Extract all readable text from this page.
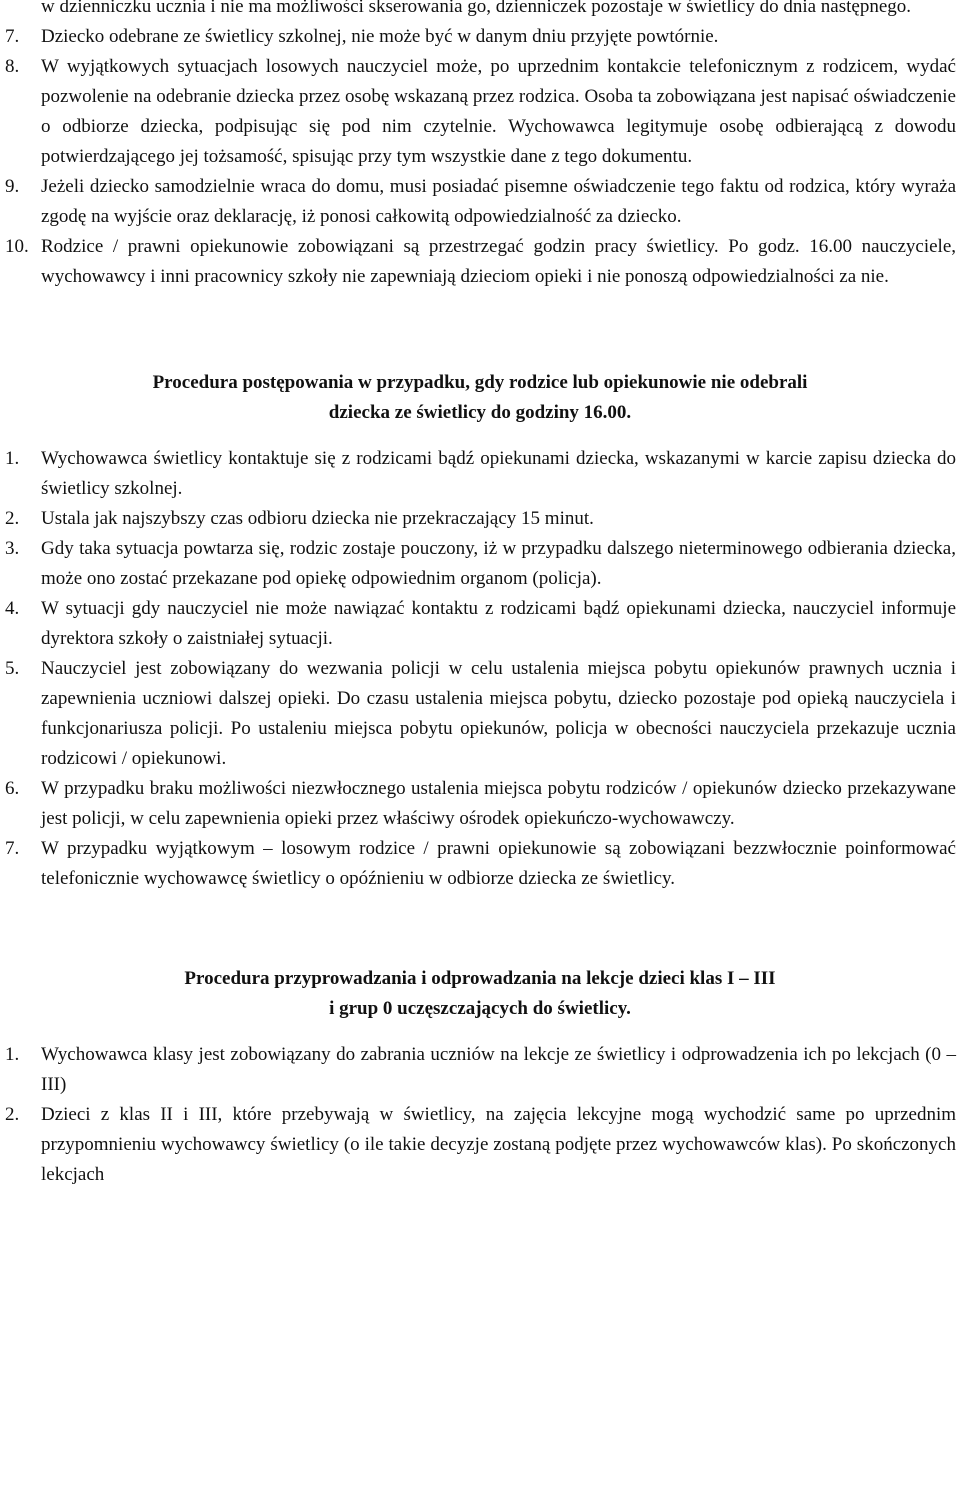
w dzienniczku ucznia i nie ma możliwości skserowania go, dzienniczek pozostaje w świetlicy do dnia następnego.
7.	Dziecko odebrane ze świetlicy szkolnej, nie może być w danym dniu przyjęte powtórnie.
8.	W wyjątkowych sytuacjach losowych nauczyciel może, po uprzednim kontakcie telefonicznym z rodzicem, wydać pozwolenie na odebranie dziecka przez osobę wskazaną przez rodzica. Osoba ta zobowiązana jest napisać oświadczenie o odbiorze dziecka, podpisując się pod nim czytelnie. Wychowawca legitymuje osobę odbierającą z dowodu potwierdzającego jej tożsamość, spisując przy tym wszystkie dane z tego dokumentu.
9.	Jeżeli dziecko samodzielnie wraca do domu, musi posiadać pisemne oświadczenie tego faktu od rodzica, który wyraża zgodę na wyjście oraz deklarację, iż ponosi całkowitą odpowiedzialność za dziecko.
10. Rodzice / prawni opiekunowie zobowiązani są przestrzegać godzin pracy świetlicy. Po godz. 16.00 nauczyciele, wychowawcy i inni pracownicy szkoły nie zapewniają dzieciom opieki i nie ponoszą odpowiedzialności za nie.
Procedura postępowania w przypadku, gdy rodzice lub opiekunowie nie odebrali
dziecka ze świetlicy do godziny 16.00.
1.	Wychowawca świetlicy kontaktuje się z rodzicami bądź opiekunami dziecka, wskazanymi w karcie zapisu dziecka do świetlicy szkolnej.
2.	Ustala jak najszybszy czas odbioru dziecka nie przekraczający 15 minut.
3.	Gdy taka sytuacja powtarza się, rodzic zostaje pouczony, iż w przypadku dalszego nieterminowego odbierania dziecka, może ono zostać przekazane pod opiekę odpowiednim organom (policja).
4.	W sytuacji gdy nauczyciel nie może nawiązać kontaktu z rodzicami bądź opiekunami dziecka, nauczyciel informuje dyrektora szkoły o zaistniałej sytuacji.
5.	Nauczyciel jest zobowiązany do wezwania policji w celu ustalenia miejsca pobytu opiekunów prawnych ucznia i zapewnienia uczniowi dalszej opieki. Do czasu ustalenia miejsca pobytu, dziecko pozostaje pod opieką nauczyciela i funkcjonariusza policji. Po ustaleniu miejsca pobytu opiekunów, policja w obecności nauczyciela przekazuje ucznia rodzicowi / opiekunowi.
6.	W przypadku braku możliwości niezwłocznego ustalenia miejsca pobytu rodziców / opiekunów dziecko przekazywane jest policji, w celu zapewnienia opieki przez właściwy ośrodek opiekuńczo-wychowawczy.
7.	W przypadku wyjątkowym – losowym rodzice / prawni opiekunowie są zobowiązani bezzwłocznie poinformować telefonicznie wychowawcę świetlicy o opóźnieniu w odbiorze dziecka ze świetlicy.
Procedura przyprowadzania i odprowadzania na lekcje dzieci klas I – III
i grup 0 uczęszczających do świetlicy.
1.	Wychowawca klasy jest zobowiązany do zabrania uczniów na lekcje ze świetlicy i odprowadzenia ich po lekcjach (0 – III)
2.	Dzieci z klas II i III, które przebywają w świetlicy, na zajęcia lekcyjne mogą wychodzić same po uprzednim przypomnieniu wychowawcy świetlicy (o ile takie decyzje zostaną podjęte przez wychowawców klas). Po skończonych lekcjach
